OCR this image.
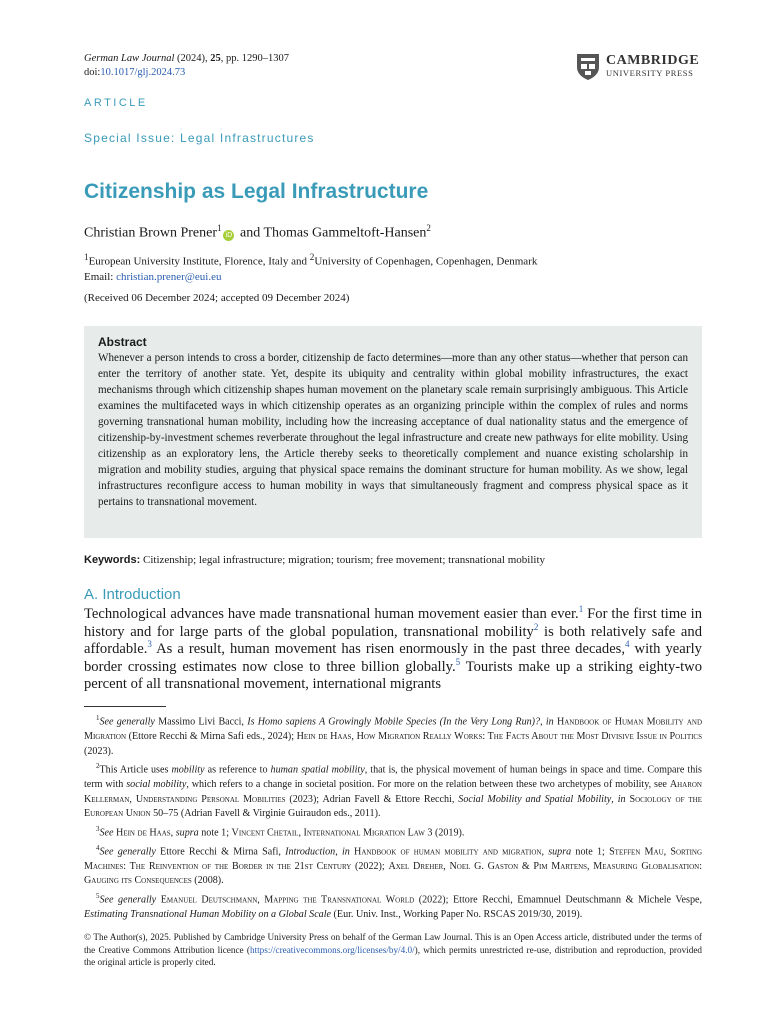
German Law Journal (2024), 25, pp. 1290–1307
doi:10.1017/glj.2024.73
CAMBRIDGE
UNIVERSITY PRESS
ARTICLE
Special Issue: Legal Infrastructures
Citizenship as Legal Infrastructure
Christian Brown Prener$^1$iD and Thomas Gammeltoft-Hansen$^2$
$^1$European University Institute, Florence, Italy and $^2$University of Copenhagen, Copenhagen, Denmark
Email: christian.prener@eui.eu
(Received 06 December 2024; accepted 09 December 2024)
Abstract
Whenever a person intends to cross a border, citizenship de facto determines—more than any other status—whether that person can enter the territory of another state. Yet, despite its ubiquity and centrality within global mobility infrastructures, the exact mechanisms through which citizenship shapes human movement on the planetary scale remain surprisingly ambiguous. This Article examines the multifaceted ways in which citizenship operates as an organizing principle within the complex of rules and norms governing transnational human mobility, including how the increasing acceptance of dual nationality status and the emergence of citizenship-by-investment schemes reverberate throughout the legal infrastructure and create new pathways for elite mobility. Using citizenship as an exploratory lens, the Article thereby seeks to theoretically complement and nuance existing scholarship in migration and mobility studies, arguing that physical space remains the dominant structure for human mobility. As we show, legal infrastructures reconfigure access to human mobility in ways that simultaneously fragment and compress physical space as it pertains to transnational movement.
Keywords: Citizenship; legal infrastructure; migration; tourism; free movement; transnational mobility
A. Introduction
Technological advances have made transnational human movement easier than ever.$^1$ For the first time in history and for large parts of the global population, transnational mobility$^2$ is both relatively safe and affordable.$^3$ As a result, human movement has risen enormously in the past three decades,$^4$ with yearly border crossing estimates now close to three billion globally.$^5$ Tourists make up a striking eighty-two percent of all transnational movement, international migrants

$^1$See generally Massimo Livi Bacci, Is Homo sapiens A Growingly Mobile Species (In the Very Long Run)?, in Handbook of Human Mobility and Migration (Ettore Recchi & Mirna Safi eds., 2024); Hein de Haas, How Migration Really Works: The Facts About the Most Divisive Issue in Politics (2023).

$^2$This Article uses mobility as reference to human spatial mobility, that is, the physical movement of human beings in space and time. Compare this term with social mobility, which refers to a change in societal position. For more on the relation between these two archetypes of mobility, see Aharon Kellerman, Understanding Personal Mobilities (2023); Adrian Favell & Ettore Recchi, Social Mobility and Spatial Mobility, in Sociology of the European Union 50–75 (Adrian Favell & Virginie Guiraudon eds., 2011).

$^3$See Hein de Haas, supra note 1; Vincent Chetail, International Migration Law 3 (2019).

$^4$See generally Ettore Recchi & Mirna Safi, Introduction, in Handbook of human mobility and migration, supra note 1; Steffen Mau, Sorting Machines: The Reinvention of the Border in the 21st Century (2022); Axel Dreher, Noel G. Gaston & Pim Martens, Measuring Globalisation: Gauging its Consequences (2008).

$^5$See generally Emanuel Deutschmann, Mapping the Transnational World (2022); Ettore Recchi, Emamnuel Deutschmann & Michele Vespe, Estimating Transnational Human Mobility on a Global Scale (Eur. Univ. Inst., Working Paper No. RSCAS 2019/30, 2019).

© The Author(s), 2025. Published by Cambridge University Press on behalf of the German Law Journal. This is an Open Access article, distributed under the terms of the Creative Commons Attribution licence (https://creativecommons.org/licenses/by/4.0/), which permits unrestricted re-use, distribution and reproduction, provided the original article is properly cited.
